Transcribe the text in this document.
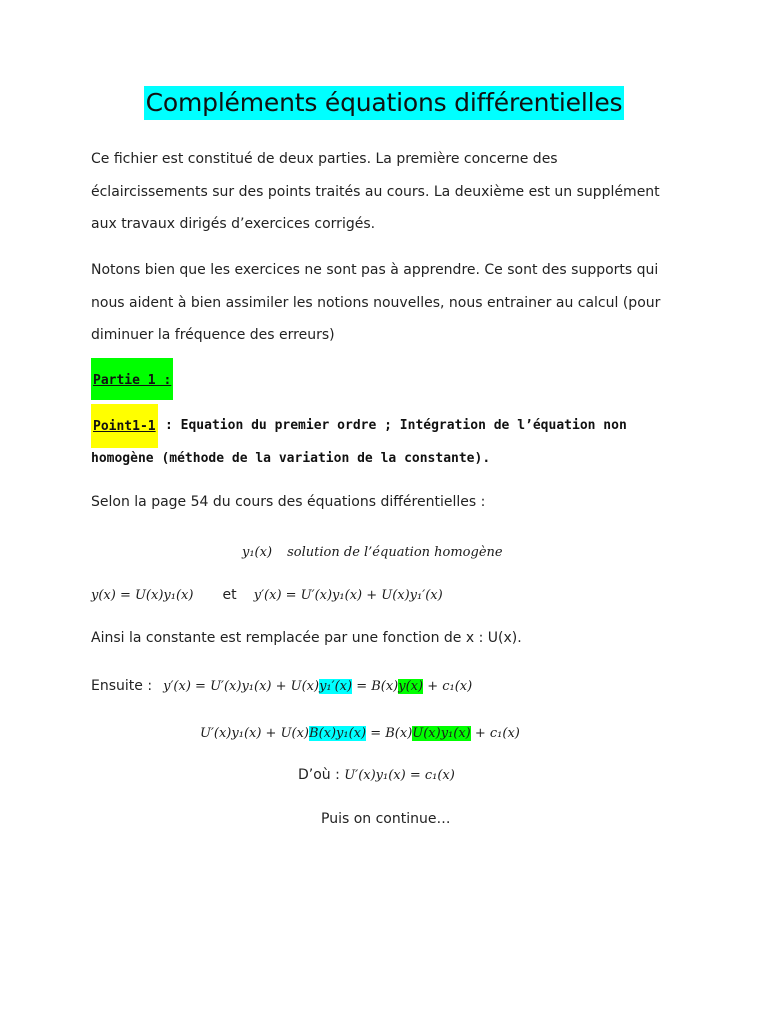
Compléments équations différentielles
Ce fichier est constitué de deux parties. La première concerne des
éclaircissements sur des points traités au cours. La deuxième est un supplément
aux travaux dirigés d’exercices corrigés.
Notons bien que les exercices ne sont pas à apprendre. Ce sont des supports qui
nous aident à bien assimiler les notions nouvelles, nous entrainer au calcul (pour
diminuer la fréquence des erreurs)
Partie 1 :
Point1-1 : Equation du premier ordre ; Intégration de l’équation non
homogène (méthode de la variation de la constante).
Selon la page 54 du cours des équations différentielles :
y₁(x) solution de l’équation homogène
y(x) = U(x)y₁(x) et y′(x) = U′(x)y₁(x) + U(x)y₁′(x)
Ainsi la constante est remplacée par une fonction de x : U(x).
Ensuite : y′(x) = U′(x)y₁(x) + U(x)y₁′(x) = B(x)y(x) + c₁(x)
U′(x)y₁(x) + U(x)B(x)y₁(x) = B(x)U(x)y₁(x) + c₁(x)
D’où : U′(x)y₁(x) = c₁(x)
Puis on continue…
